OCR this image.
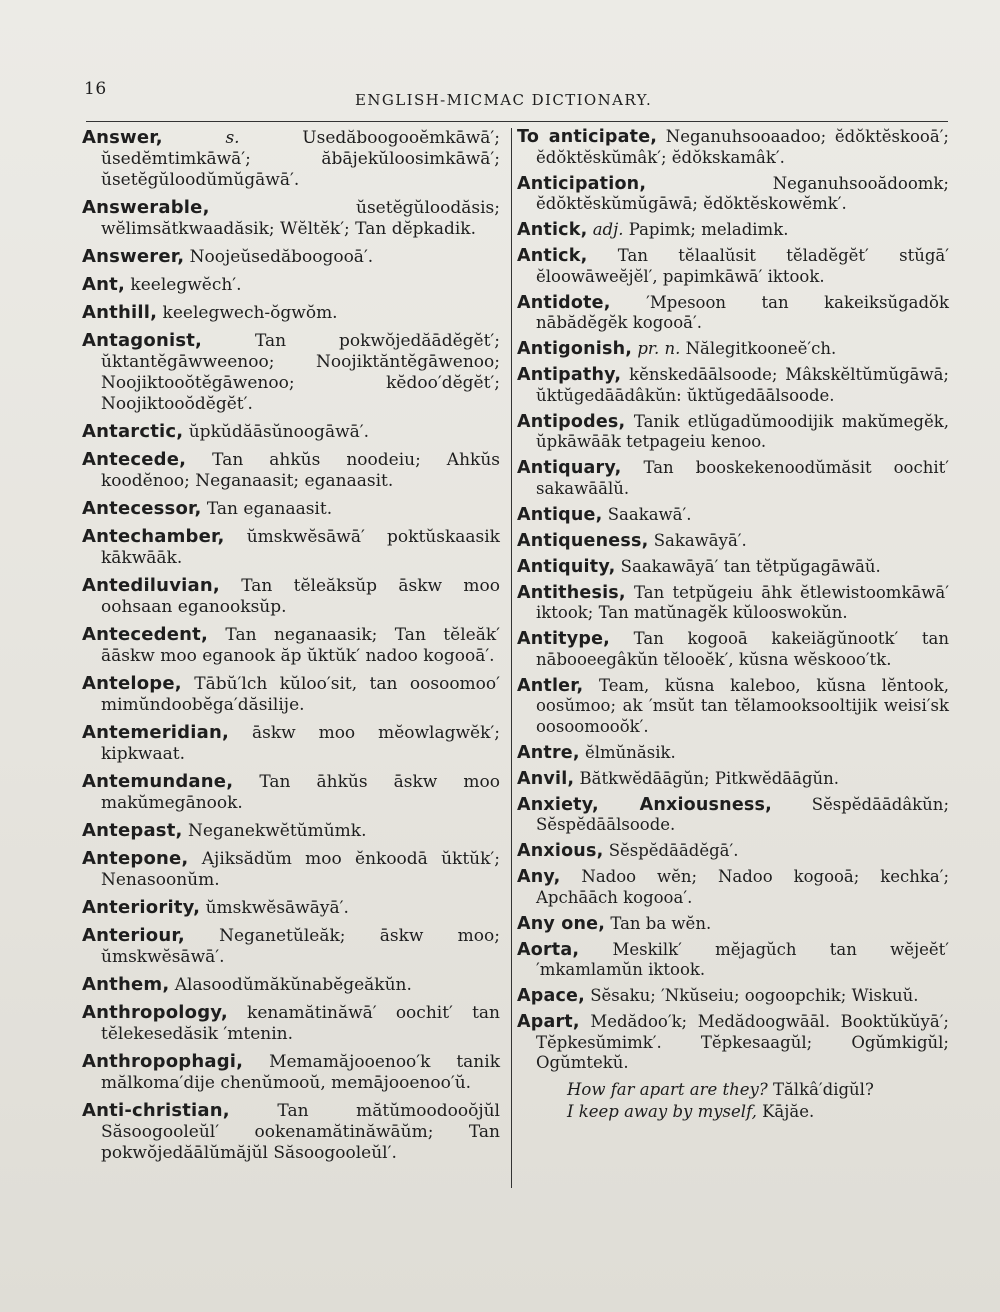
16
ENGLISH-MICMAC DICTIONARY.

Answer,	s.	Usedăboogooĕmkāwā′; ŭsedĕmtimkāwā′; ăbājekŭloosimkāwā′; ŭsetĕgŭloodŭmŭgāwā′.

Answerable,	ŭsetĕgŭloodăsis; wĕlimsătkwaadăsik; Wĕltĕk′; Tan dĕpkadik.

Answerer, Noojeŭsedăboogooā′.

Ant, keelegwĕch′.

Anthill, keelegwech-ŏgwŏm.

Antagonist,	Tan pokwŏjedăādĕgĕt′; ŭktantĕgāwweenoo; Noojiktăntĕgāwenoo; Noojiktooŏtĕgāwenoo; kĕdoo′dĕgĕt′; Noojiktooŏdĕgĕt′.

Antarctic, ŭpkŭdăāsŭnoogāwā′.

Antecede, Tan ahkŭs noodeiu; Ahkŭs koodĕnoo; Neganaasit; eganaasit.

Antecessor, Tan eganaasit.

Antechamber, ŭmskwĕsāwā′ poktŭskaasik kākwāāk.

Antediluvian, Tan tĕleăksŭp āskw moo oohsaan eganooksŭp.

Antecedent, Tan neganaasik; Tan tĕleăk′ āāskw moo eganook ăp ŭktŭk′ nadoo kogooā′.

Antelope, Tābŭ′lch kŭloo′sit, tan oosoomoo′ mimŭndoobĕga′dăsilije.

Antemeridian, āskw moo mĕowlagwĕk′; kipkwaat.

Antemundane, Tan āhkŭs āskw moo makŭmegānook.

Antepast, Neganekwĕtŭmŭmk.

Antepone, Ajiksădŭm moo ĕnkoodā ŭktŭk′; Nenasoonŭm.

Anteriority, ŭmskwĕsāwāyā′.

Anteriour, Neganetŭleăk; āskw moo; ŭmskwĕsāwā′.

Anthem, Alasoodŭmăkŭnabĕgeăkŭn.

Anthropology, kenamătinăwā′ oochit′ tan tĕlekesedăsik ′mtenin.

Anthropophagi, Memamăjooenoo′k tanik mălkoma′dije chenŭmooŭ, memājooenoo′ŭ.

Anti-christian,	Tan mătŭmoodooŏjŭl Săsoogooleŭl′ ookenamătinăwāŭm; Tan pokwŏjedăālŭmăjŭl Săsoogooleŭl′.

To anticipate, Neganuhsooaadoo; ĕdŏktĕskooā′; ĕdŏktĕskŭmâk′; ĕdŏkskamâk′.

Anticipation,	Neganuhsooădoomk; ĕdŏktĕskŭmŭgāwā; ĕdŏktĕskowĕmk′.

Antick, adj. Papimk; meladimk.

Antick, Tan tĕlaalŭsit tĕladĕgĕt′ stŭgā′ ĕloowāweĕjĕl′, papimkāwā′ iktook.

Antidote, ′Mpesoon tan kakeiksŭgadŏk nābădĕgĕk kogooā′.

Antigonish, pr. n. Nălegitkooneĕ′ch.

Antipathy, kĕnskedāālsoode; Mâkskĕltŭmŭgāwā; ŭktŭgedāādâkŭn: ŭktŭgedāālsoode.

Antipodes, Tanik etlŭgadŭmoodijik makŭmegĕk, ŭpkāwāāk tetpageiu kenoo.

Antiquary, Tan booskekenoodŭmăsit oochit′ sakawāālŭ.

Antique, Saakawā′.

Antiqueness, Sakawāyā′.

Antiquity, Saakawāyā′ tan tĕtpŭgagāwāŭ.

Antithesis, Tan tetpŭgeiu āhk ĕtlewistoomkāwā′ iktook; Tan matŭnagĕk kŭlooswokŭn.

Antitype, Tan kogooā kakeiăgŭnootk′ tan nābooeegâkŭn tĕlooĕk′, kŭsna wĕskooo′tk.

Antler, Team, kŭsna kaleboo, kŭsna lĕntook, oosŭmoo; ak ′msŭt tan tĕlamooksooltijik weisi′sk oosoomooŏk′.

Antre, ĕlmŭnăsik.

Anvil, Bătkwĕdāāgŭn; Pitkwĕdāāgŭn.

Anxiety, Anxiousness, Sĕspĕdāādâkŭn; Sĕspĕdāālsoode.

Anxious, Sĕspĕdāādĕgā′.

Any, Nadoo wĕn; Nadoo kogooā; kechka′; Apchāāch kogooa′.

Any one, Tan ba wĕn.

Aorta, Meskilk′ mĕjagŭch tan wĕjeĕt′ ′mkamlamŭn iktook.

Apace, Sĕsaku; ′Nkŭseiu; oogoopchik; Wiskuŭ.

Apart, Medădoo′k; Medădoogwāāl. Booktŭkŭyā′; Tĕpkesŭmimk′. Tĕpkesaagŭl; Ogŭmkigŭl; Ogŭmtekŭ.

How far apart are they? Tălkâ′digŭl?

I keep away by myself, Kājăe.
